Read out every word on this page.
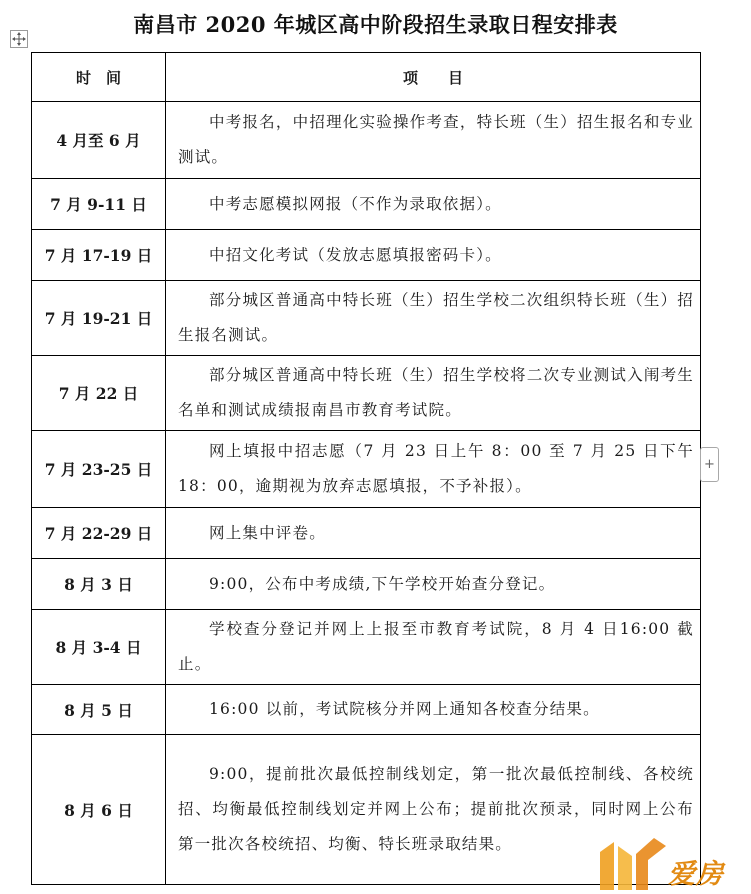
南昌市 2020 年城区高中阶段招生录取日程安排表
时　间	项　　目
4 月至 6 月	中考报名，中招理化实验操作考查，特长班（生）招生报名和专业测试。
7 月 9-11 日	中考志愿模拟网报（不作为录取依据）。
7 月 17-19 日	中招文化考试（发放志愿填报密码卡）。
7 月 19-21 日	部分城区普通高中特长班（生）招生学校二次组织特长班（生）招生报名测试。
7 月 22 日	部分城区普通高中特长班（生）招生学校将二次专业测试入闱考生名单和测试成绩报南昌市教育考试院。
7 月 23-25 日	网上填报中招志愿（7 月 23 日上午 8：00 至 7 月 25 日下午 18：00，逾期视为放弃志愿填报，不予补报）。
7 月 22-29 日	网上集中评卷。
8 月 3 日	9:00，公布中考成绩,下午学校开始查分登记。
8 月 3-4 日	学校查分登记并网上上报至市教育考试院，8 月 4 日16:00 截止。
8 月 5 日	16:00 以前，考试院核分并网上通知各校查分结果。
8 月 6 日	9:00，提前批次最低控制线划定，第一批次最低控制线、各校统招、均衡最低控制线划定并网上公布；提前批次预录，同时网上公布第一批次各校统招、均衡、特长班录取结果。
+
爱房
